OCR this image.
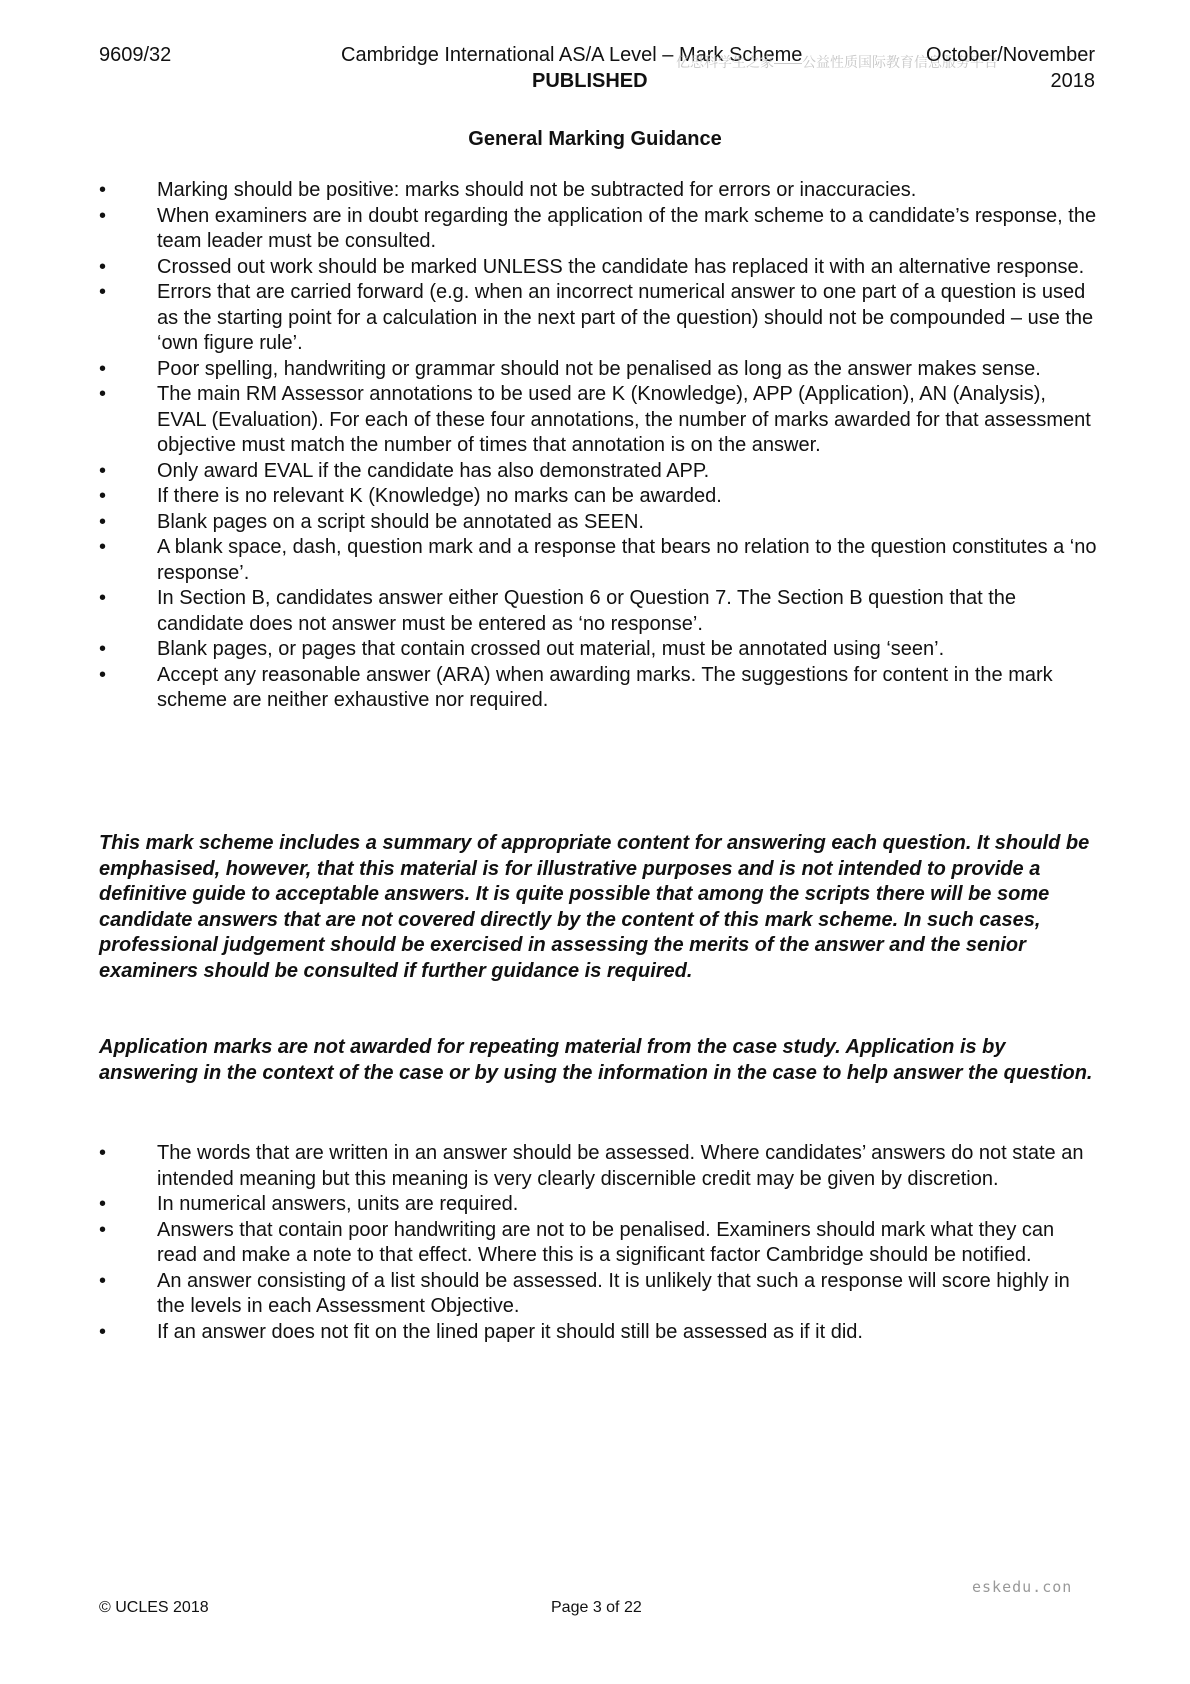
9609/32	Cambridge International AS/A Level – Mark Scheme
亿思科学生之家——公益性质国际教育信息服务平台
PUBLISHED
October/November
2018
General Marking Guidance
•	Marking should be positive: marks should not be subtracted for errors or inaccuracies.
•	When examiners are in doubt regarding the application of the mark scheme to a candidate’s response, the team leader must be consulted.
•	Crossed out work should be marked UNLESS the candidate has replaced it with an alternative response.
•	Errors that are carried forward (e.g. when an incorrect numerical answer to one part of a question is used as the starting point for a calculation in the next part of the question) should not be compounded – use the ‘own figure rule’.
•	Poor spelling, handwriting or grammar should not be penalised as long as the answer makes sense.
•	The main RM Assessor annotations to be used are K (Knowledge), APP (Application), AN (Analysis), EVAL (Evaluation). For each of these four annotations, the number of marks awarded for that assessment objective must match the number of times that annotation is on the answer.
•	Only award EVAL if the candidate has also demonstrated APP.
•	If there is no relevant K (Knowledge) no marks can be awarded.
•	Blank pages on a script should be annotated as SEEN.
•	A blank space, dash, question mark and a response that bears no relation to the question constitutes a ‘no response’.
•	In Section B, candidates answer either Question 6 or Question 7. The Section B question that the candidate does not answer must be entered as ‘no response’.
•	Blank pages, or pages that contain crossed out material, must be annotated using ‘seen’.
•	Accept any reasonable answer (ARA) when awarding marks. The suggestions for content in the mark scheme are neither exhaustive nor required.

This mark scheme includes a summary of appropriate content for answering each question. It should be emphasised, however, that this material is for illustrative purposes and is not intended to provide a definitive guide to acceptable answers. It is quite possible that among the scripts there will be some candidate answers that are not covered directly by the content of this mark scheme. In such cases, professional judgement should be exercised in assessing the merits of the answer and the senior examiners should be consulted if further guidance is required.

Application marks are not awarded for repeating material from the case study. Application is by answering in the context of the case or by using the information in the case to help answer the question.

•	The words that are written in an answer should be assessed. Where candidates’ answers do not state an intended meaning but this meaning is very clearly discernible credit may be given by discretion.
•	In numerical answers, units are required.
•	Answers that contain poor handwriting are not to be penalised. Examiners should mark what they can read and make a note to that effect. Where this is a significant factor Cambridge should be notified.
•	An answer consisting of a list should be assessed. It is unlikely that such a response will score highly in the levels in each Assessment Objective.
•	If an answer does not fit on the lined paper it should still be assessed as if it did.
eskedu.con
© UCLES 2018	Page 3 of 22
